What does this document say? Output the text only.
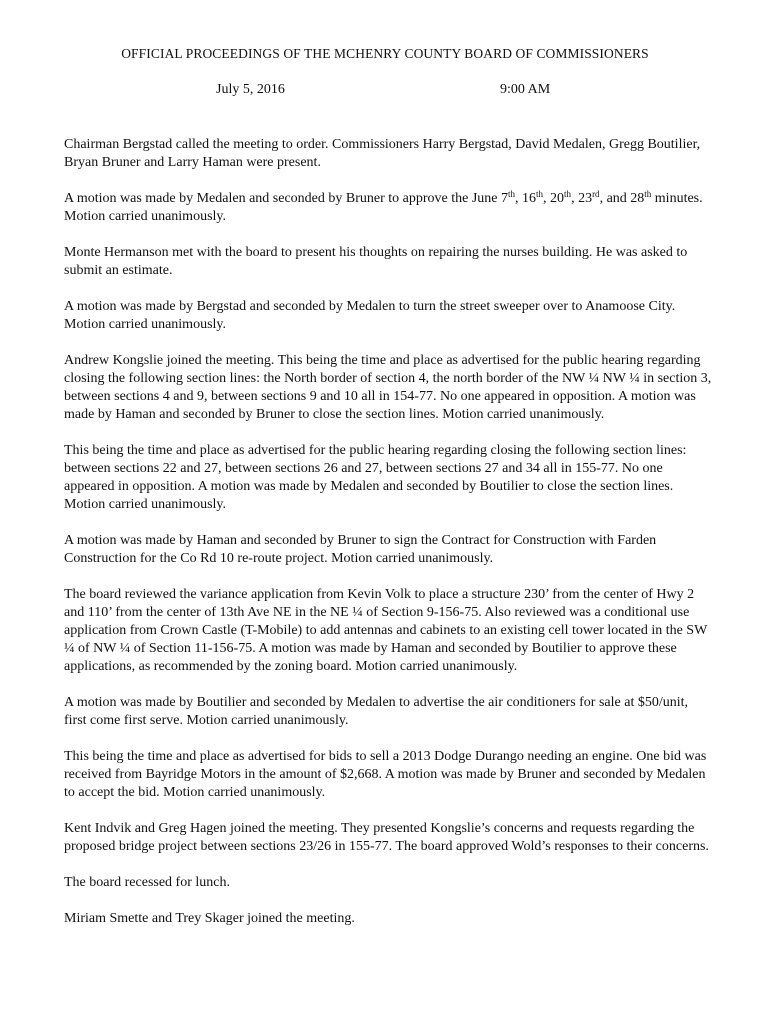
OFFICIAL PROCEEDINGS OF THE MCHENRY COUNTY BOARD OF COMMISSIONERS
July 5, 2016	9:00 AM

Chairman Bergstad called the meeting to order. Commissioners Harry Bergstad, David Medalen, Gregg Boutilier, Bryan Bruner and Larry Haman were present.

A motion was made by Medalen and seconded by Bruner to approve the June 7th, 16th, 20th, 23rd, and 28th minutes. Motion carried unanimously.

Monte Hermanson met with the board to present his thoughts on repairing the nurses building. He was asked to submit an estimate.

A motion was made by Bergstad and seconded by Medalen to turn the street sweeper over to Anamoose City. Motion carried unanimously.

Andrew Kongslie joined the meeting. This being the time and place as advertised for the public hearing regarding closing the following section lines: the North border of section 4, the north border of the NW ¼ NW ¼ in section 3, between sections 4 and 9, between sections 9 and 10 all in 154-77. No one appeared in opposition. A motion was made by Haman and seconded by Bruner to close the section lines. Motion carried unanimously.

This being the time and place as advertised for the public hearing regarding closing the following section lines: between sections 22 and 27, between sections 26 and 27, between sections 27 and 34 all in 155-77. No one appeared in opposition. A motion was made by Medalen and seconded by Boutilier to close the section lines. Motion carried unanimously.

A motion was made by Haman and seconded by Bruner to sign the Contract for Construction with Farden Construction for the Co Rd 10 re-route project. Motion carried unanimously.

The board reviewed the variance application from Kevin Volk to place a structure 230’ from the center of Hwy 2 and 110’ from the center of 13th Ave NE in the NE ¼ of Section 9-156-75. Also reviewed was a conditional use application from Crown Castle (T-Mobile) to add antennas and cabinets to an existing cell tower located in the SW ¼ of NW ¼ of Section 11-156-75. A motion was made by Haman and seconded by Boutilier to approve these applications, as recommended by the zoning board. Motion carried unanimously.

A motion was made by Boutilier and seconded by Medalen to advertise the air conditioners for sale at $50/unit, first come first serve. Motion carried unanimously.

This being the time and place as advertised for bids to sell a 2013 Dodge Durango needing an engine. One bid was received from Bayridge Motors in the amount of $2,668. A motion was made by Bruner and seconded by Medalen to accept the bid. Motion carried unanimously.

Kent Indvik and Greg Hagen joined the meeting. They presented Kongslie’s concerns and requests regarding the proposed bridge project between sections 23/26 in 155-77. The board approved Wold’s responses to their concerns.

The board recessed for lunch.

Miriam Smette and Trey Skager joined the meeting.
